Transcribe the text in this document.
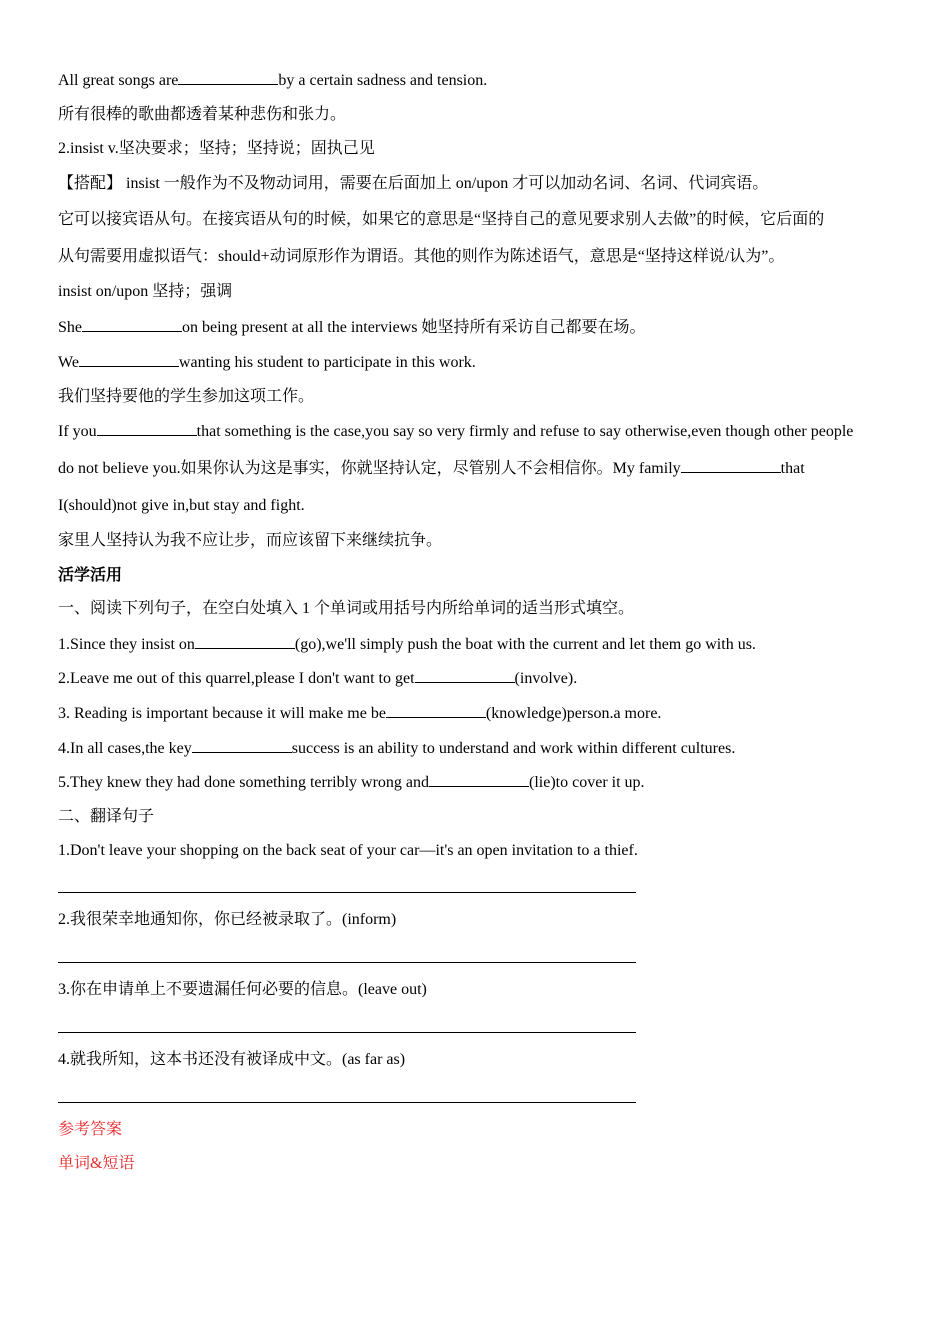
All great songs are	by a certain sadness and tension.

所有很棒的歌曲都透着某种悲伤和张力。

2.insist v.坚决要求；坚持；坚持说；固执己见

【搭配】 insist 一般作为不及物动词用，需要在后面加上 on/upon 才可以加动名词、名词、代词宾语。

它可以接宾语从句。在接宾语从句的时候，如果它的意思是“坚持自己的意见要求别人去做”的时候，它后面的

从句需要用虚拟语气：should+动词原形作为谓语。其他的则作为陈述语气，意思是“坚持这样说/认为”。

insist on/upon 坚持；强调

She	on being present at all the interviews 她坚持所有采访自己都要在场。

We	wanting his student to participate in this work.

我们坚持要他的学生参加这项工作。

If you	that something is the case,you say so very firmly and refuse to say otherwise,even though other people

do not believe you.如果你认为这是事实，你就坚持认定，尽管别人不会相信你。My family	that

I(should)not give in,but stay and fight.

家里人坚持认为我不应让步，而应该留下来继续抗争。

活学活用

一、阅读下列句子，在空白处填入 1 个单词或用括号内所给单词的适当形式填空。

1.Since they insist on	(go),we'll simply push the boat with the current and let them go with us.

2.Leave me out of this quarrel,please I don't want to get	(involve).

3. Reading is important because it will make me be	(knowledge)person.a more.

4.In all cases,the key	success is an ability to understand and work within different cultures.

5.They knew they had done something terribly wrong and	(lie)to cover it up.

二、翻译句子

1.Don't leave your shopping on the back seat of your car—it's an open invitation to a thief.

2.我很荣幸地通知你，你已经被录取了。(inform)

3.你在申请单上不要遗漏任何必要的信息。(leave out)

4.就我所知，这本书还没有被译成中文。(as far as)

参考答案

单词&短语
